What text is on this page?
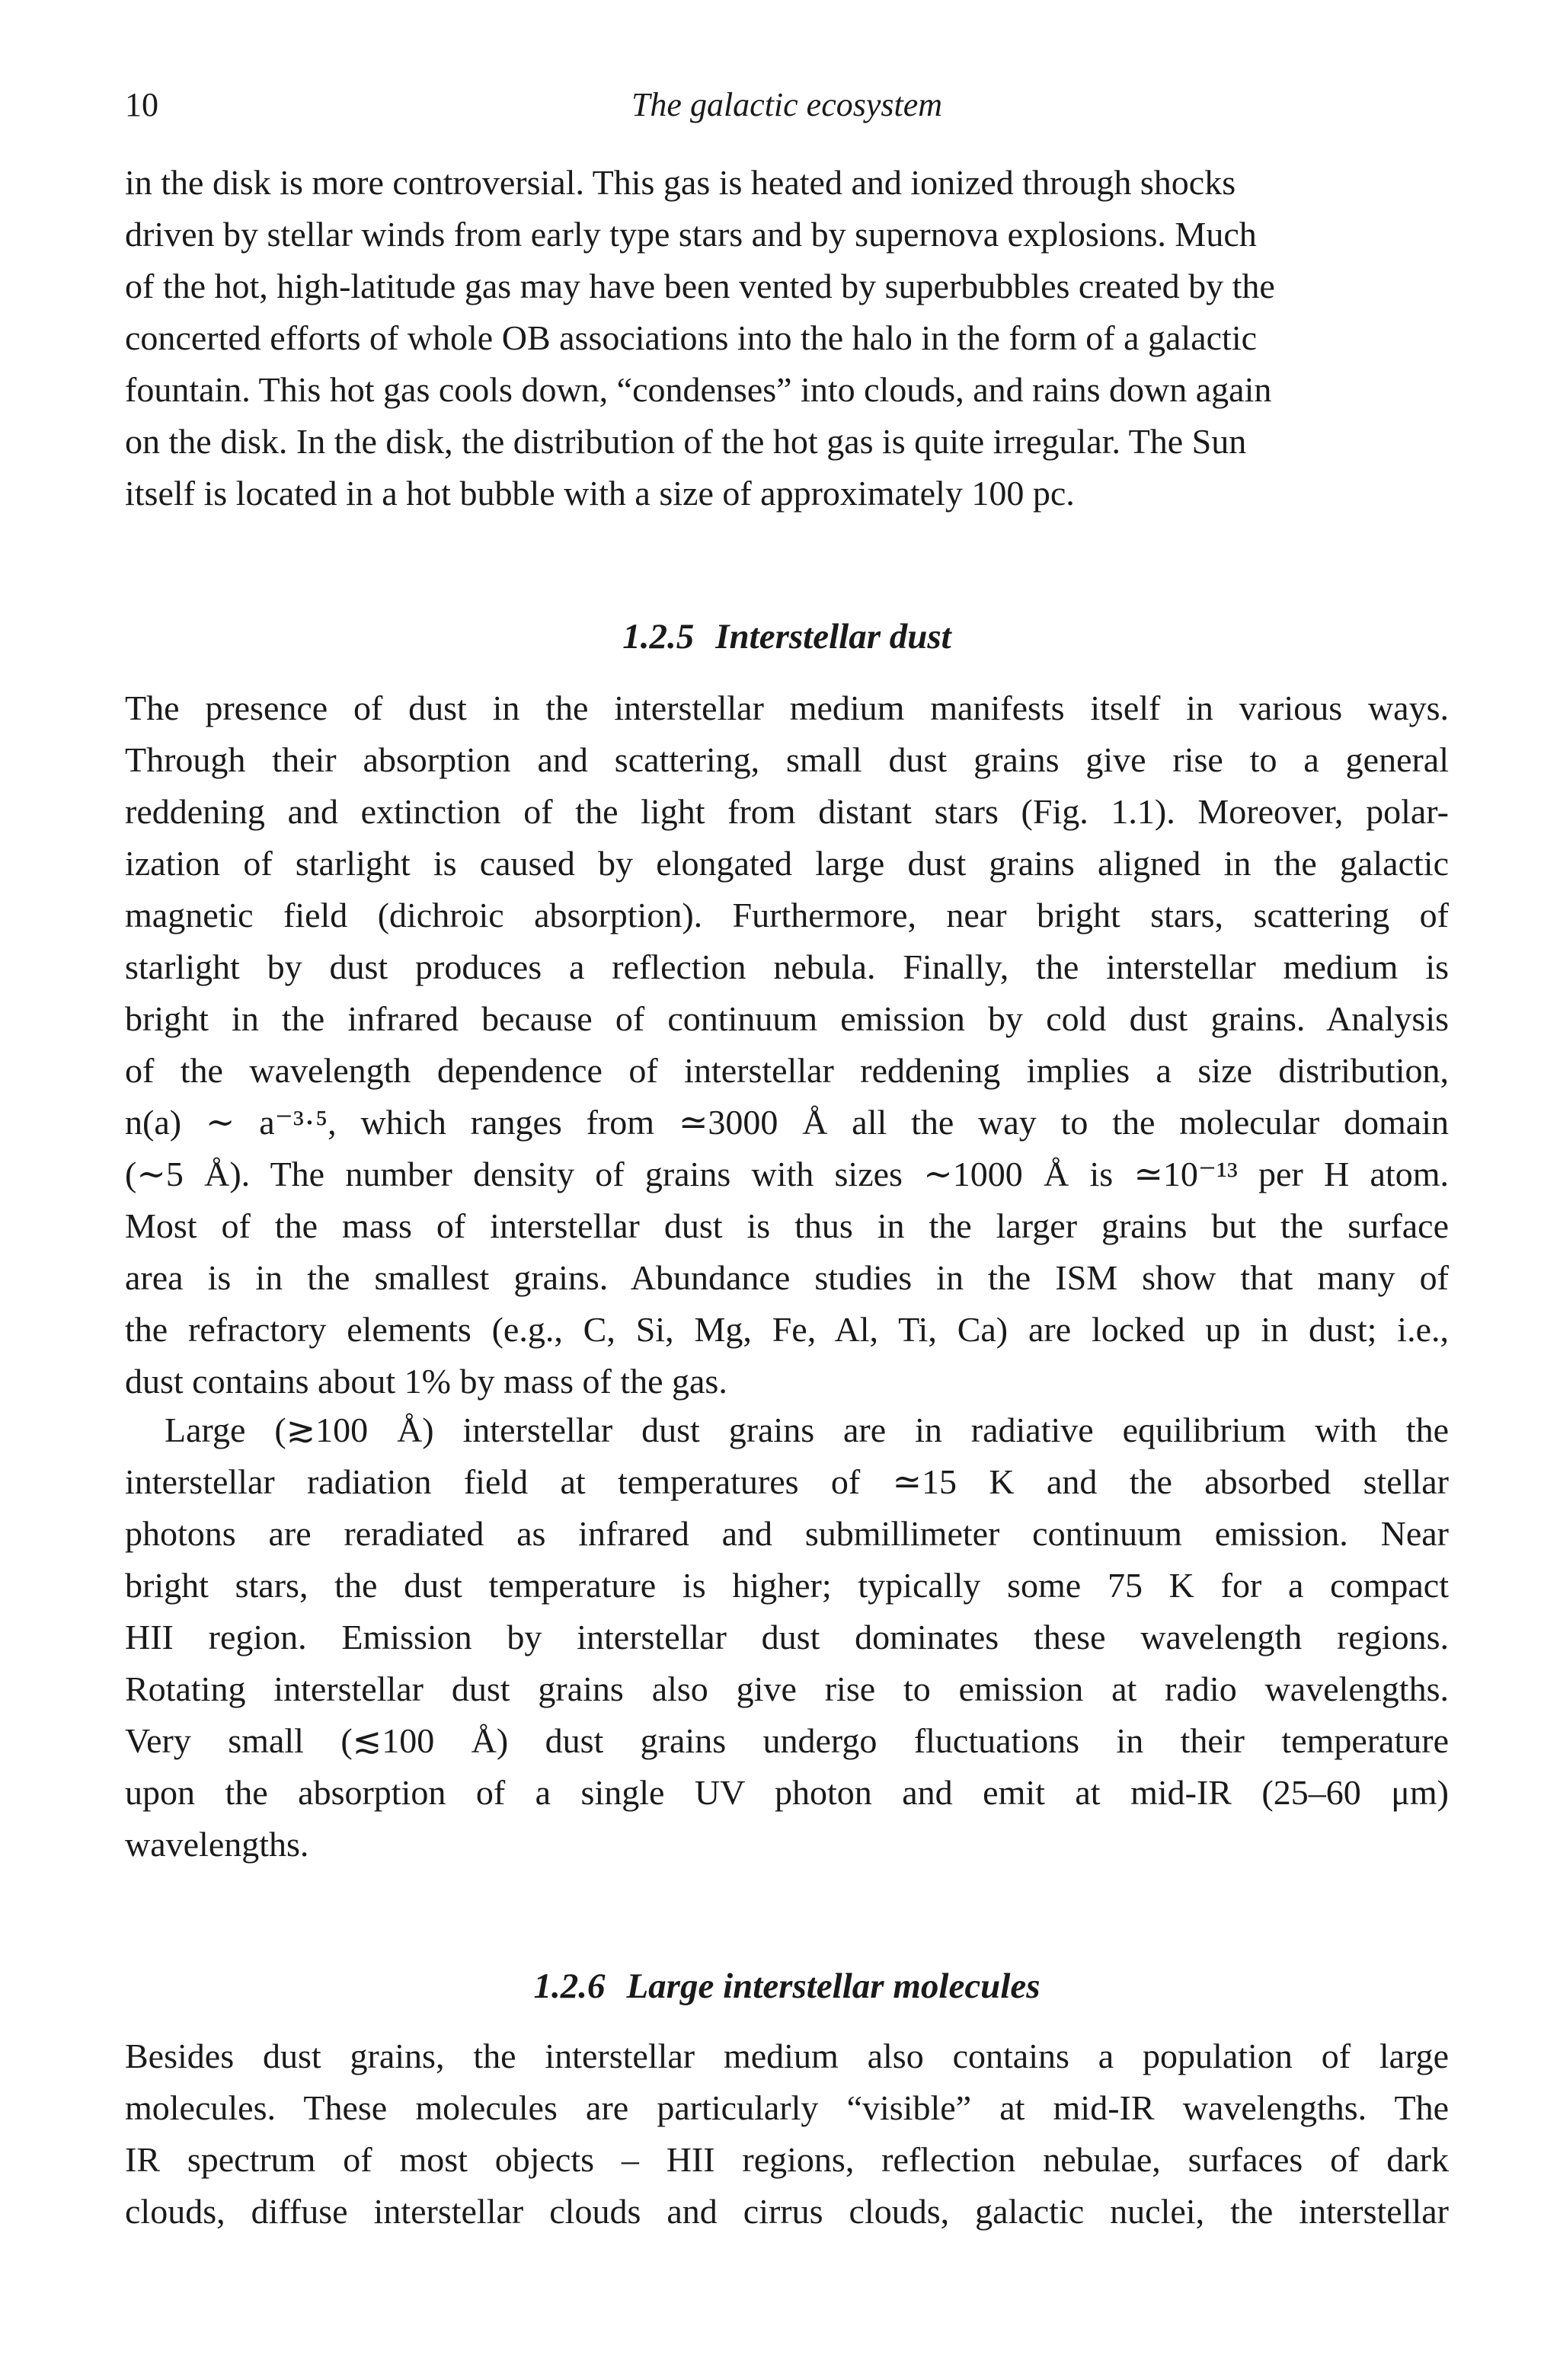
10	The galactic ecosystem

in the disk is more controversial. This gas is heated and ionized through shocks
driven by stellar winds from early type stars and by supernova explosions. Much
of the hot, high-latitude gas may have been vented by superbubbles created by the
concerted efforts of whole OB associations into the halo in the form of a galactic
fountain. This hot gas cools down, “condenses” into clouds, and rains down again
on the disk. In the disk, the distribution of the hot gas is quite irregular. The Sun
itself is located in a hot bubble with a size of approximately 100 pc.

1.2.5 Interstellar dust

The presence of dust in the interstellar medium manifests itself in various ways.
Through their absorption and scattering, small dust grains give rise to a general
reddening and extinction of the light from distant stars (Fig. 1.1). Moreover, polar-
ization of starlight is caused by elongated large dust grains aligned in the galactic
magnetic field (dichroic absorption). Furthermore, near bright stars, scattering of
starlight by dust produces a reflection nebula. Finally, the interstellar medium is
bright in the infrared because of continuum emission by cold dust grains. Analysis
of the wavelength dependence of interstellar reddening implies a size distribution,
n(a) ∼ a⁻³·⁵, which ranges from ≃3000 Å all the way to the molecular domain
(∼5 Å). The number density of grains with sizes ∼1000 Å is ≃10⁻¹³ per H atom.
Most of the mass of interstellar dust is thus in the larger grains but the surface
area is in the smallest grains. Abundance studies in the ISM show that many of
the refractory elements (e.g., C, Si, Mg, Fe, Al, Ti, Ca) are locked up in dust; i.e.,
dust contains about 1% by mass of the gas.

Large (≳100 Å) interstellar dust grains are in radiative equilibrium with the
interstellar radiation field at temperatures of ≃15 K and the absorbed stellar
photons are reradiated as infrared and submillimeter continuum emission. Near
bright stars, the dust temperature is higher; typically some 75 K for a compact
HII region. Emission by interstellar dust dominates these wavelength regions.
Rotating interstellar dust grains also give rise to emission at radio wavelengths.
Very small (≲100 Å) dust grains undergo fluctuations in their temperature
upon the absorption of a single UV photon and emit at mid-IR (25–60 μm)
wavelengths.

1.2.6 Large interstellar molecules

Besides dust grains, the interstellar medium also contains a population of large
molecules. These molecules are particularly “visible” at mid-IR wavelengths. The
IR spectrum of most objects – HII regions, reflection nebulae, surfaces of dark
clouds, diffuse interstellar clouds and cirrus clouds, galactic nuclei, the interstellar
